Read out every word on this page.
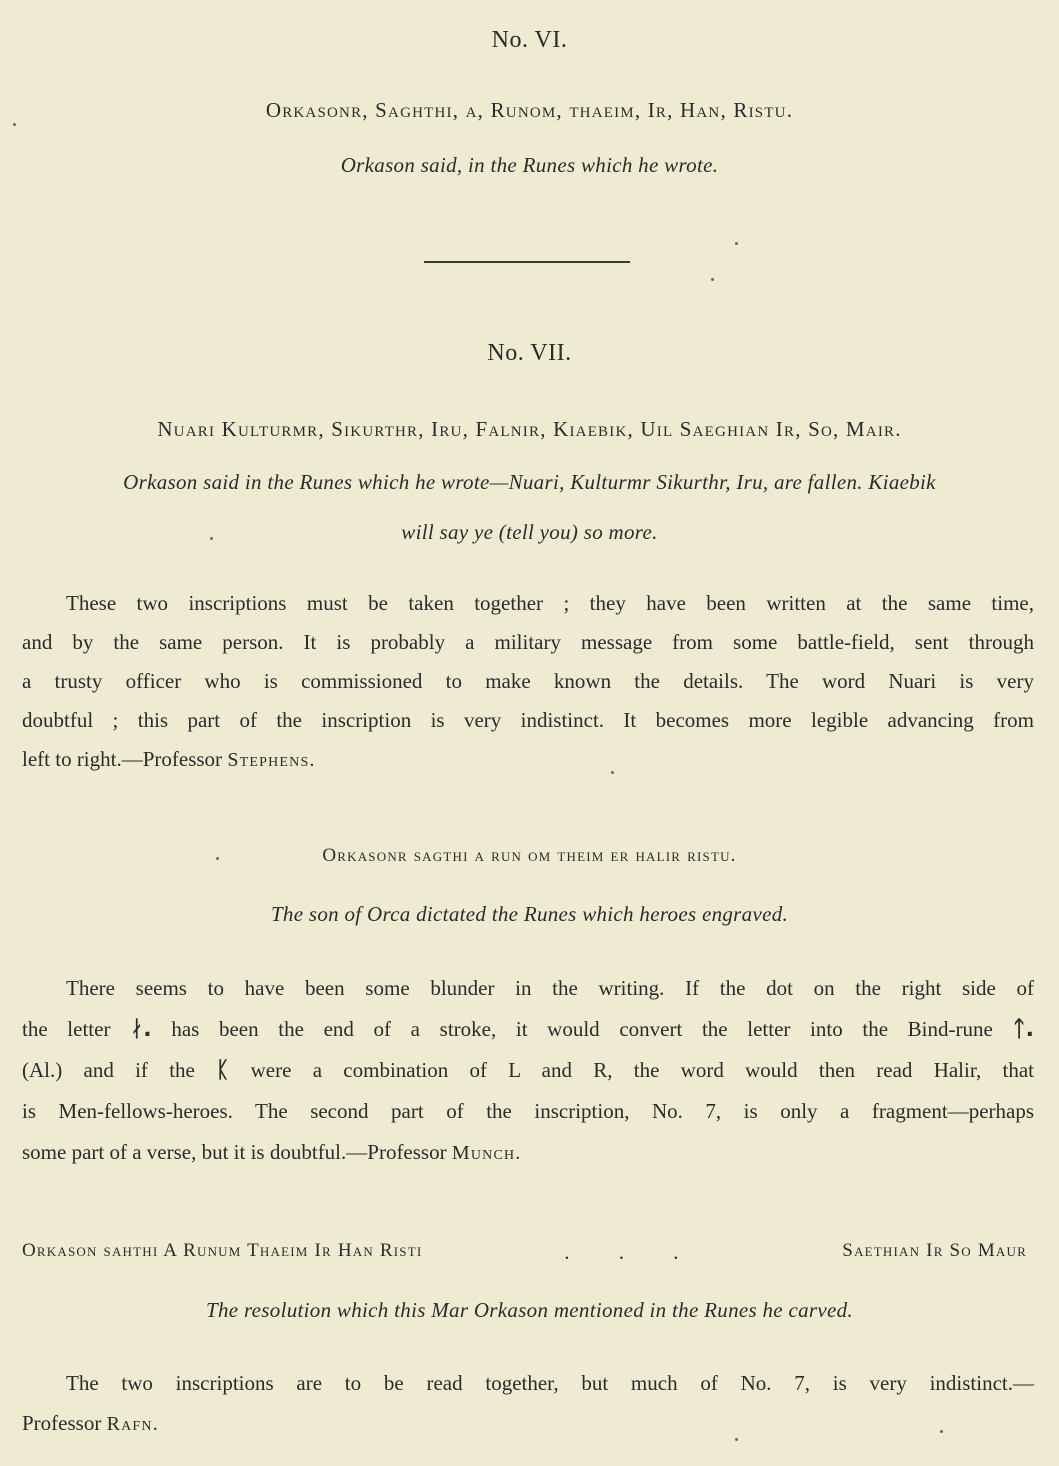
No. VI.
Orkasonr, Saghthi, a, Runom, thaeim, Ir, Han, Ristu.
Orkason said, in the Runes which he wrote.
No. VII.
Nuari Kulturmr, Sikurthr, Iru, Falnir, Kiaebik, Uil Saeghian Ir, So, Mair.
Orkason said in the Runes which he wrote—Nuari, Kulturmr Sikurthr, Iru, are fallen. Kiaebik
will say ye (tell you) so more.
These two inscriptions must be taken together ; they have been written at the same time,
and by the same person. It is probably a military message from some battle-field, sent through
a trusty officer who is commissioned to make known the details. The word Nuari is very
doubtful ; this part of the inscription is very indistinct. It becomes more legible advancing from
left to right.—Professor Stephens.
Orkasonr sagthi a run om theim er halir ristu.
The son of Orca dictated the Runes which heroes engraved.
There seems to have been some blunder in the writing. If the dot on the right side of
the letter ᛅ. has been the end of a stroke, it would convert the letter into the Bind-rune ᛏ.
(Al.) and if the ᛕ were a combination of L and R, the word would then read Halir, that
is Men-fellows-heroes. The second part of the inscription, No. 7, is only a fragment—perhaps
some part of a verse, but it is doubtful.—Professor Munch.
Orkason sahthi A Runum Thaeim Ir Han Risti	. . .	Saethian Ir So Maur
The resolution which this Mar Orkason mentioned in the Runes he carved.
The two inscriptions are to be read together, but much of No. 7, is very indistinct.—
Professor Rafn.
